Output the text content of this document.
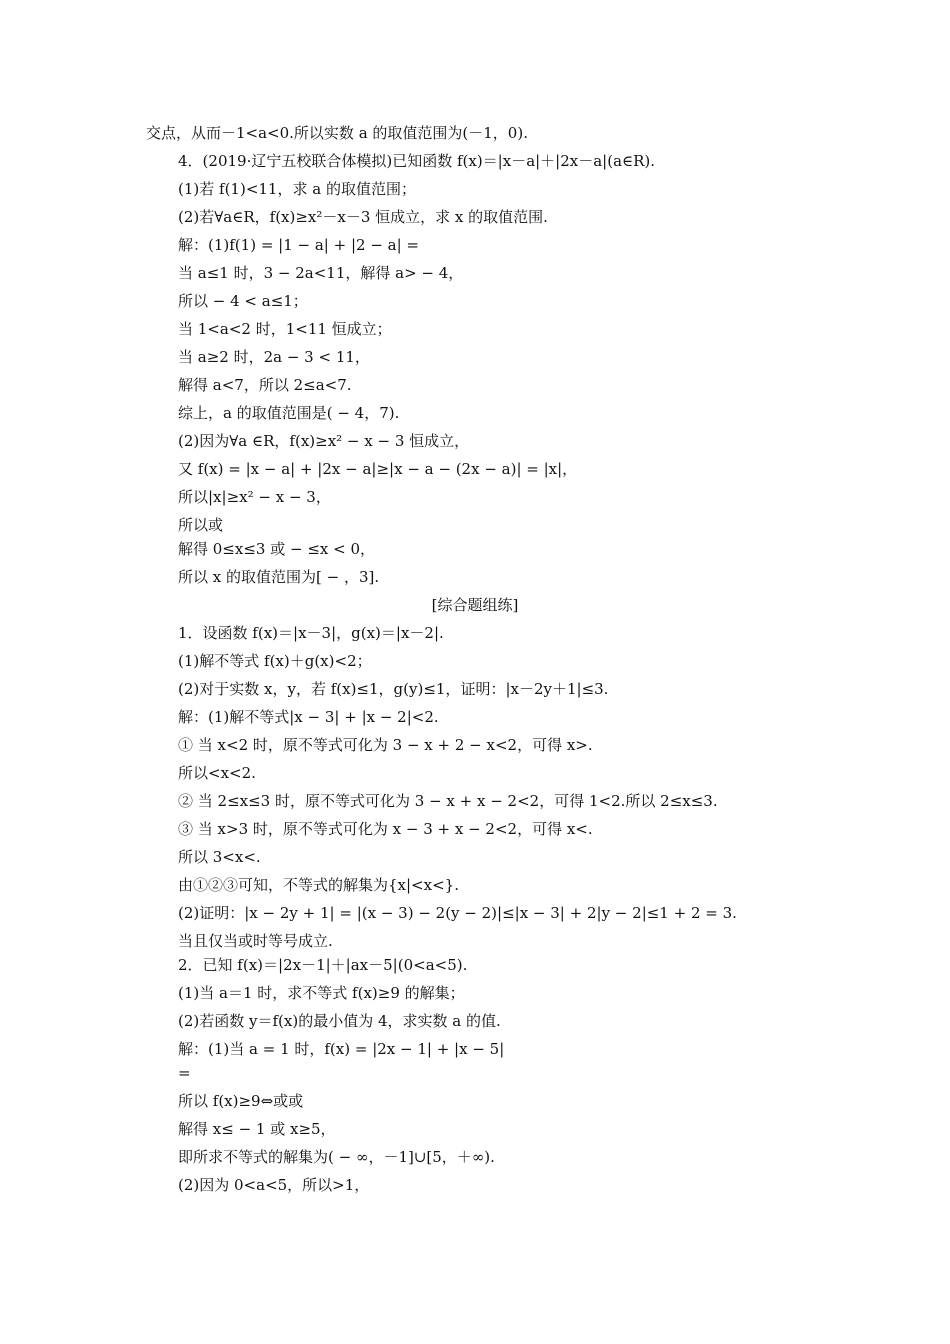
交点，从而－1<a<0.所以实数 a 的取值范围为(－1，0).
4．(2019·辽宁五校联合体模拟)已知函数 f(x)＝|x－a|＋|2x－a|(a∈R).
(1)若 f(1)<11，求 a 的取值范围；
(2)若∀a∈R，f(x)≥x²－x－3 恒成立，求 x 的取值范围.
解：(1)f(1) = |1 − a| + |2 − a| =
当 a≤1 时，3 − 2a<11，解得 a> − 4，
所以 − 4 < a≤1；
当 1<a<2 时，1<11 恒成立；
当 a≥2 时，2a − 3 < 11，
解得 a<7，所以 2≤a<7.
综上，a 的取值范围是( − 4，7).
(2)因为∀a ∈R，f(x)≥x² − x − 3 恒成立，
又 f(x) = |x − a| + |2x − a|≥|x − a − (2x − a)| = |x|，
所以|x|≥x² − x − 3，
所以或
解得 0≤x≤3 或 − ≤x < 0，
所以 x 的取值范围为[ − ，3].
[综合题组练]
1．设函数 f(x)＝|x－3|，g(x)＝|x－2|.
(1)解不等式 f(x)＋g(x)<2；
(2)对于实数 x，y，若 f(x)≤1，g(y)≤1，证明：|x－2y＋1|≤3.
解：(1)解不等式|x − 3| + |x − 2|<2.
① 当 x<2 时，原不等式可化为 3 − x + 2 − x<2，可得 x>.
所以<x<2.
② 当 2≤x≤3 时，原不等式可化为 3 − x + x − 2<2，可得 1<2.所以 2≤x≤3.
③ 当 x>3 时，原不等式可化为 x − 3 + x − 2<2，可得 x<.
所以 3<x<.
由①②③可知，不等式的解集为{x|<x<}.
(2)证明：|x − 2y + 1| = |(x − 3) − 2(y − 2)|≤|x − 3| + 2|y − 2|≤1 + 2 = 3.
当且仅当或时等号成立.
2．已知 f(x)＝|2x－1|＋|ax－5|(0<a<5).
(1)当 a＝1 时，求不等式 f(x)≥9 的解集；
(2)若函数 y＝f(x)的最小值为 4，求实数 a 的值.
解：(1)当 a = 1 时，f(x) = |2x − 1| + |x − 5|
=
所以 f(x)≥9⇔或或
解得 x≤ − 1 或 x≥5，
即所求不等式的解集为( − ∞，－1]∪[5，＋∞).
(2)因为 0<a<5，所以>1，
